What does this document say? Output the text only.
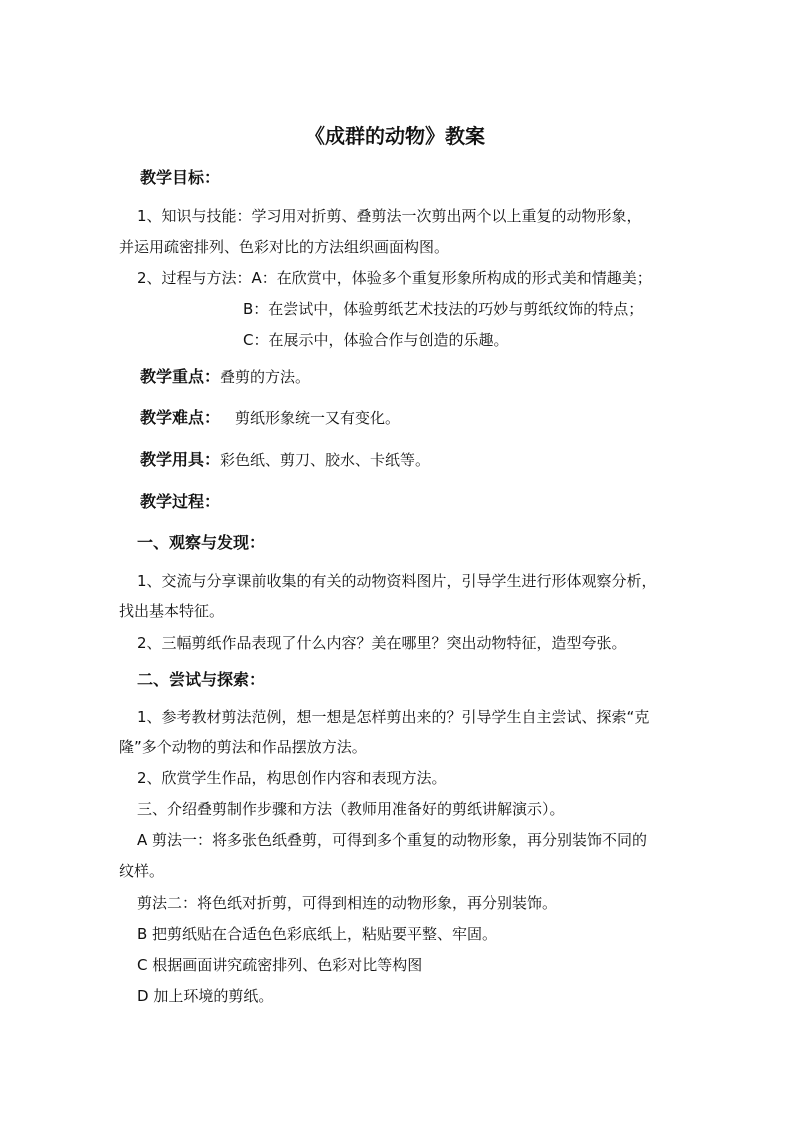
《成群的动物》教案
教学目标：
1、知识与技能：学习用对折剪、叠剪法一次剪出两个以上重复的动物形象，
并运用疏密排列、色彩对比的方法组织画面构图。
2、过程与方法：A：在欣赏中，体验多个重复形象所构成的形式美和情趣美；
B：在尝试中，体验剪纸艺术技法的巧妙与剪纸纹饰的特点；
C：在展示中，体验合作与创造的乐趣。
教学重点：叠剪的方法。
教学难点： 剪纸形象统一又有变化。
教学用具：彩色纸、剪刀、胶水、卡纸等。
教学过程：
一、观察与发现：
1、交流与分享课前收集的有关的动物资料图片，引导学生进行形体观察分析，
找出基本特征。
2、三幅剪纸作品表现了什么内容？美在哪里？突出动物特征，造型夸张。
二、尝试与探索：
1、参考教材剪法范例，想一想是怎样剪出来的？引导学生自主尝试、探索“克
隆”多个动物的剪法和作品摆放方法。
2、欣赏学生作品，构思创作内容和表现方法。
三、介绍叠剪制作步骤和方法（教师用准备好的剪纸讲解演示）。
A 剪法一：将多张色纸叠剪，可得到多个重复的动物形象，再分别装饰不同的
纹样。
剪法二：将色纸对折剪，可得到相连的动物形象，再分别装饰。
B 把剪纸贴在合适色色彩底纸上，粘贴要平整、牢固。
C 根据画面讲究疏密排列、色彩对比等构图
D 加上环境的剪纸。
